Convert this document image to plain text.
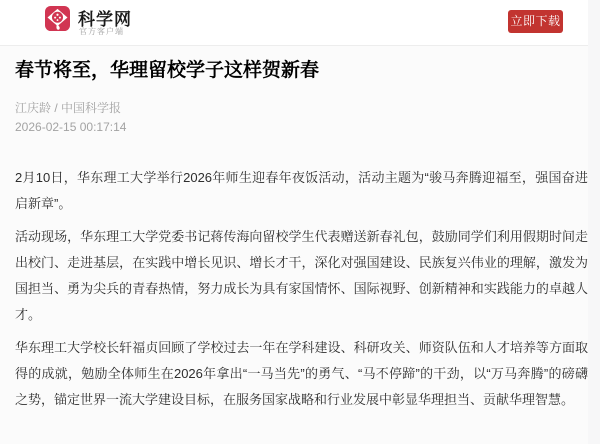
科学网
官方客户端
立即下载
春节将至，华理留校学子这样贺新春
江庆龄 / 中国科学报
2026-02-15 00:17:14

2月10日，华东理工大学举行2026年师生迎春年夜饭活动，活动主题为“骏马奔腾迎福至，强国奋进启新章”。

活动现场，华东理工大学党委书记蒋传海向留校学生代表赠送新春礼包，鼓励同学们利用假期时间走出校门、走进基层，在实践中增长见识、增长才干，深化对强国建设、民族复兴伟业的理解，激发为国担当、勇为尖兵的青春热情，努力成长为具有家国情怀、国际视野、创新精神和实践能力的卓越人才。

华东理工大学校长轩福贞回顾了学校过去一年在学科建设、科研攻关、师资队伍和人才培养等方面取得的成就，勉励全体师生在2026年拿出“一马当先”的勇气、“马不停蹄”的干劲，以“万马奔腾”的磅礴之势，锚定世界一流大学建设目标，在服务国家战略和行业发展中彰显华理担当、贡献华理智慧。
